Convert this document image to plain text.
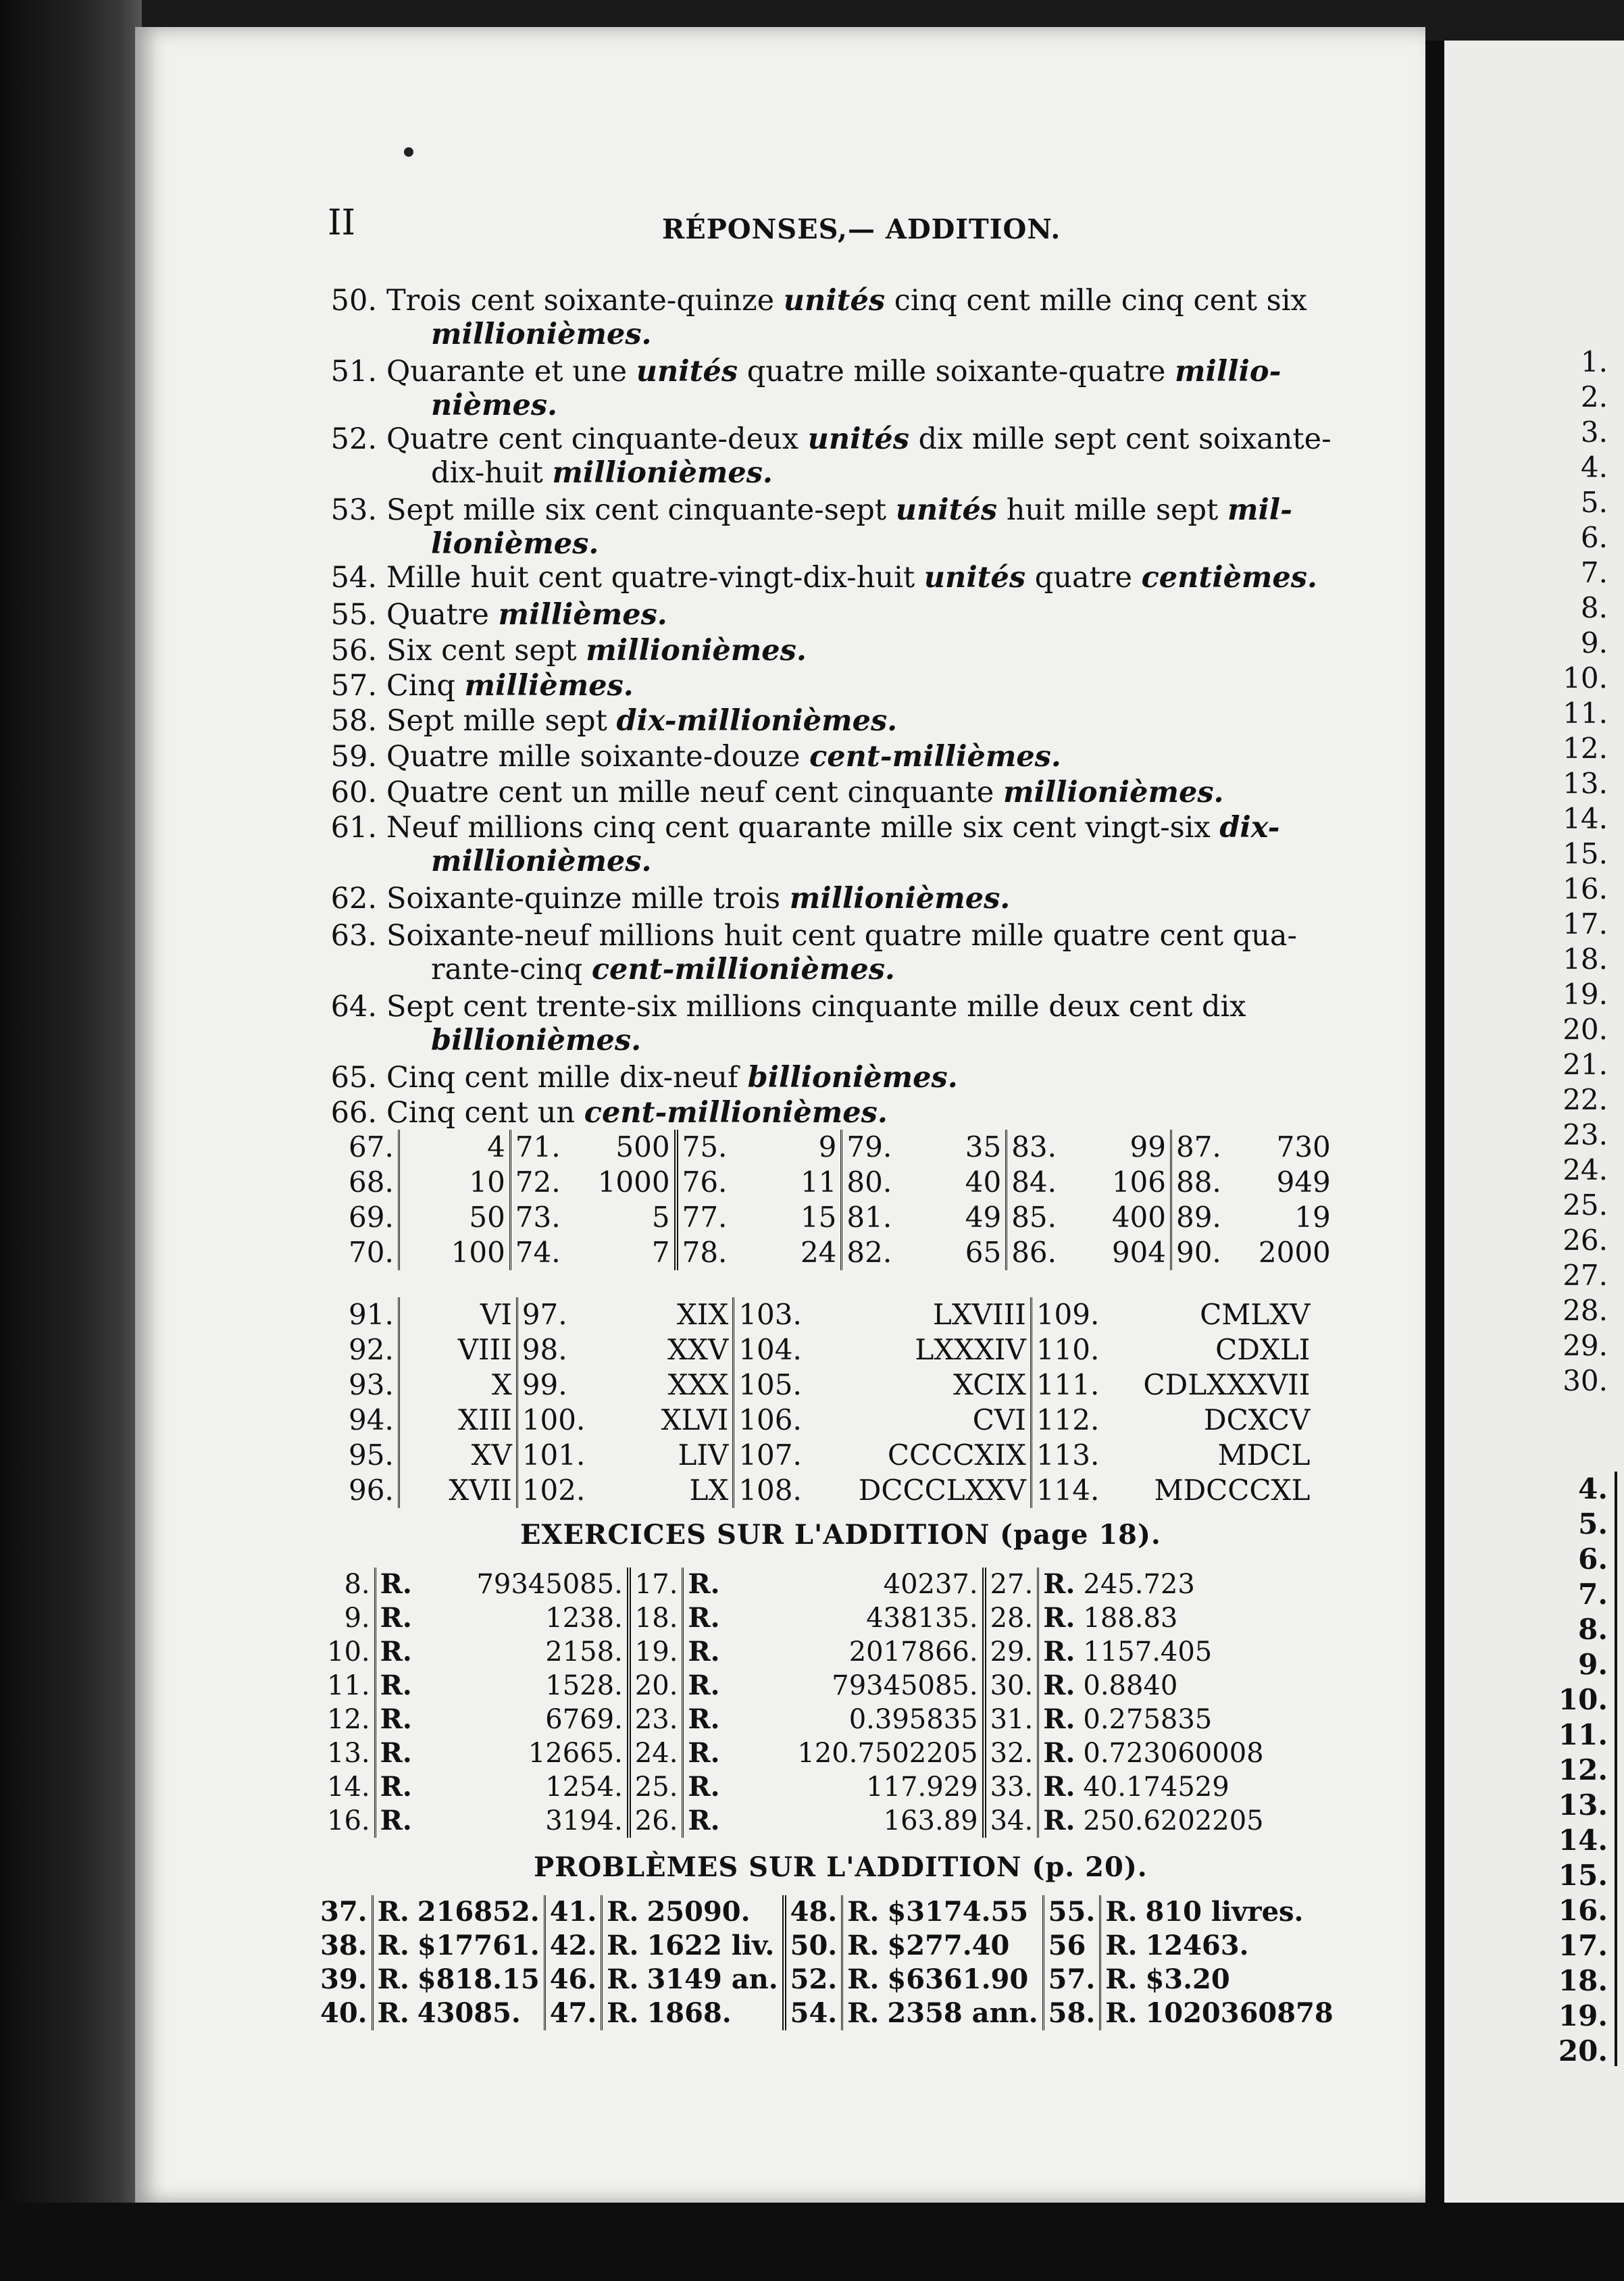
II	RÉPONSES,— ADDITION.
50. Trois cent soixante-quinze unités cinq cent mille cinq cent six
millionièmes.
51. Quarante et une unités quatre mille soixante-quatre millio-
nièmes.
52. Quatre cent cinquante-deux unités dix mille sept cent soixante-
dix-huit millionièmes.
53. Sept mille six cent cinquante-sept unités huit mille sept mil-
lionièmes.
54. Mille huit cent quatre-vingt-dix-huit unités quatre centièmes.
55. Quatre millièmes.
56. Six cent sept millionièmes.
57. Cinq millièmes.
58. Sept mille sept dix-millionièmes.
59. Quatre mille soixante-douze cent-millièmes.
60. Quatre cent un mille neuf cent cinquante millionièmes.
61. Neuf millions cinq cent quarante mille six cent vingt-six dix-
millionièmes.
62. Soixante-quinze mille trois millionièmes.
63. Soixante-neuf millions huit cent quatre mille quatre cent qua-
rante-cinq cent-millionièmes.
64. Sept cent trente-six millions cinquante mille deux cent dix
billionièmes.
65. Cinq cent mille dix-neuf billionièmes.
66. Cinq cent un cent-millionièmes.
67.	4	71.	500	75.	9	79.	35	83.	99	87.	730
68.	10	72.	1000	76.	11	80.	40	84.	106	88.	949
69.	50	73.	5	77.	15	81.	49	85.	400	89.	19
70.	100	74.	7	78.	24	82.	65	86.	904	90.	2000
91.	VI	97.	XIX	103.	LXVIII	109.	CMLXV
92.	VIII	98.	XXV	104.	LXXXIV	110.	CDXLI
93.	X	99.	XXX	105.	XCIX	111.	CDLXXXVII
94.	XIII	100.	XLVI	106.	CVI	112.	DCXCV
95.	XV	101.	LIV	107.	CCCCXIX	113.	MDCL
96.	XVII	102.	LX	108.	DCCCLXXV	114.	MDCCCXL
EXERCICES SUR L'ADDITION (page 18).
8.	R.	79345085.	17.	R.	40237.	27.	R.	245.723
9.	R.	1238.	18.	R.	438135.	28.	R.	188.83
10.	R.	2158.	19.	R.	2017866.	29.	R.	1157.405
11.	R.	1528.	20.	R.	79345085.	30.	R.	0.8840
12.	R.	6769.	23.	R.	0.395835	31.	R.	0.275835
13.	R.	12665.	24.	R.	120.7502205	32.	R.	0.723060008
14.	R.	1254.	25.	R.	117.929	33.	R.	40.174529
16.	R.	3194.	26.	R.	163.89	34.	R.	250.6202205
PROBLÈMES SUR L'ADDITION (p. 20).
37.	R.	216852.	41.	R.	25090.	48.	R.	$3174.55	55.	R.	810 livres.
38.	R.	$17761.	42.	R.	1622 liv.	50.	R.	$277.40	56	R.	12463.
39.	R.	$818.15	46.	R.	3149 an.	52.	R.	$6361.90	57.	R.	$3.20
40.	R.	43085.	47.	R.	1868.	54.	R.	2358 ann.	58.	R.	1020360878
1.
2.
3.
4.
5.
6.
7.
8.
9.
10.
11.
12.
13.
14.
15.
16.
17.
18.
19.
20.
21.
22.
23.
24.
25.
26.
27.
28.
29.
30.
4.
5.
6.
7.
8.
9.
10.
11.
12.
13.
14.
15.
16.
17.
18.
19.
20.
